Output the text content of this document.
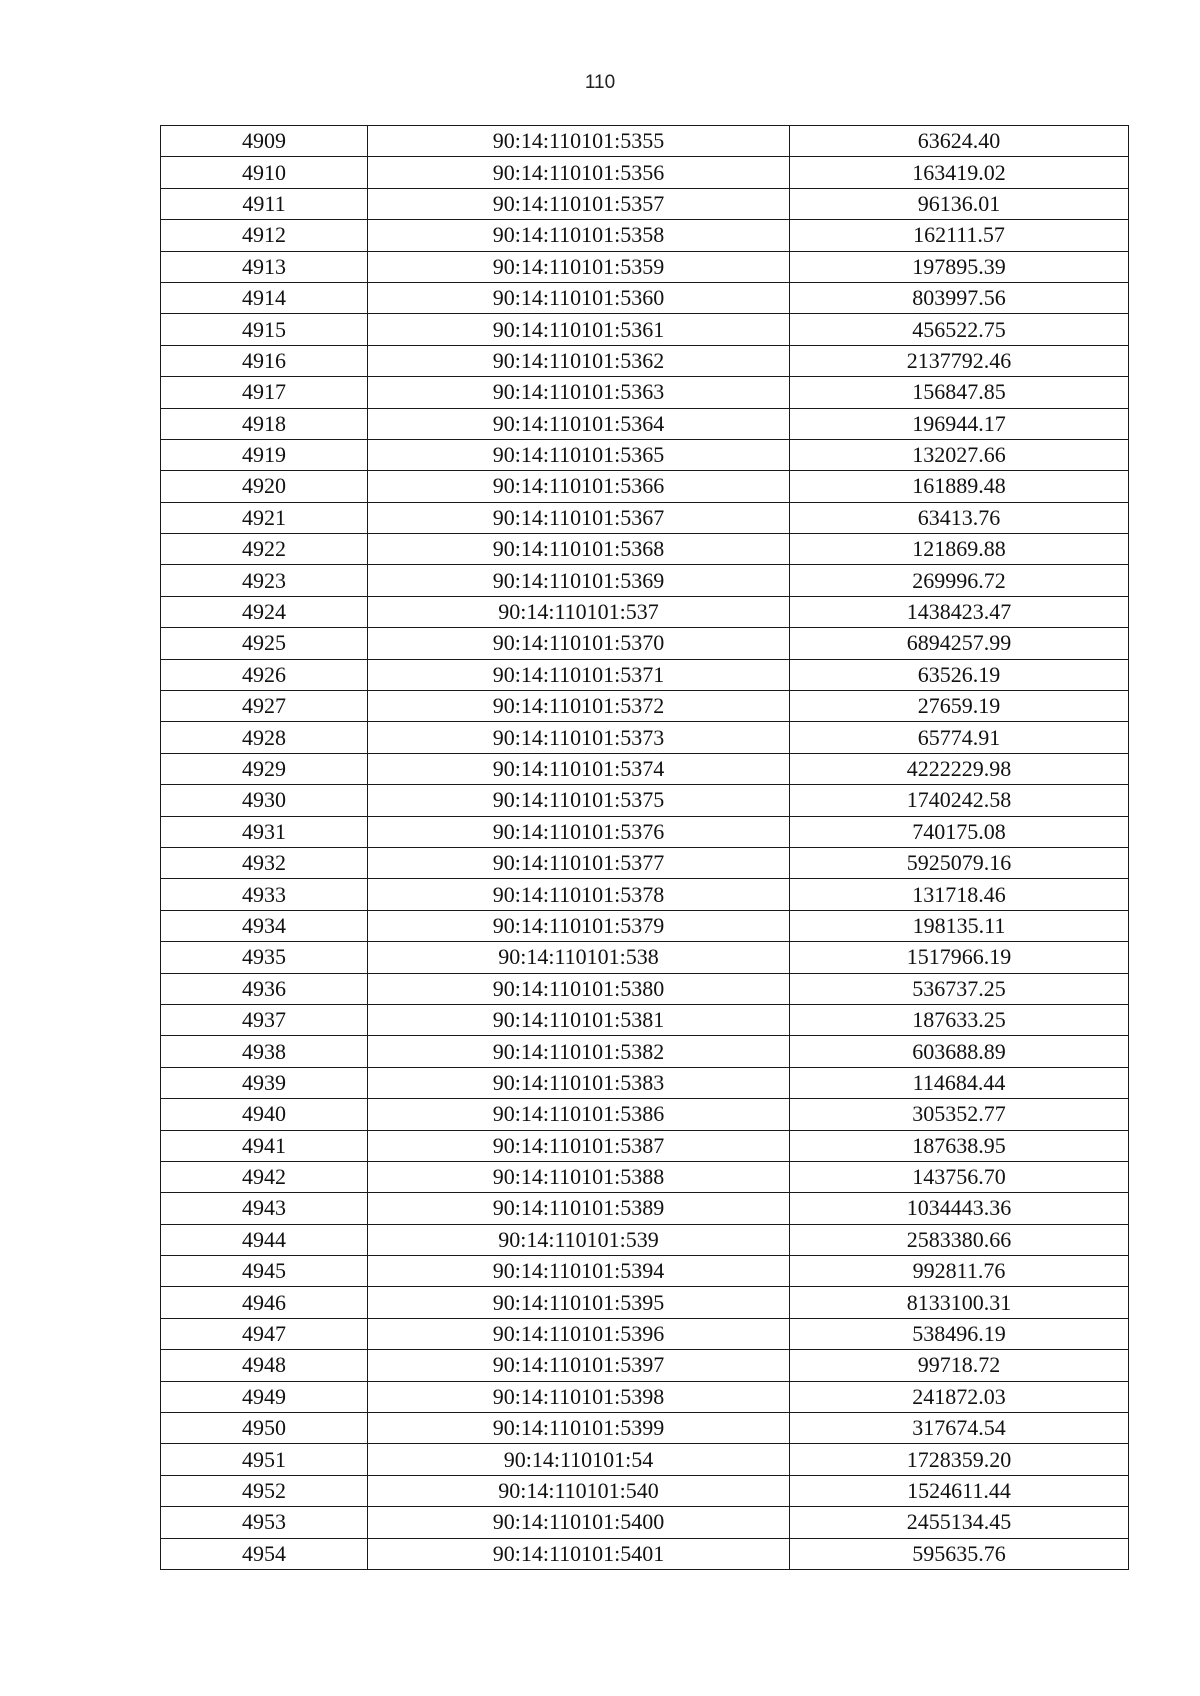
110
4909	90:14:110101:5355	63624.40
4910	90:14:110101:5356	163419.02
4911	90:14:110101:5357	96136.01
4912	90:14:110101:5358	162111.57
4913	90:14:110101:5359	197895.39
4914	90:14:110101:5360	803997.56
4915	90:14:110101:5361	456522.75
4916	90:14:110101:5362	2137792.46
4917	90:14:110101:5363	156847.85
4918	90:14:110101:5364	196944.17
4919	90:14:110101:5365	132027.66
4920	90:14:110101:5366	161889.48
4921	90:14:110101:5367	63413.76
4922	90:14:110101:5368	121869.88
4923	90:14:110101:5369	269996.72
4924	90:14:110101:537	1438423.47
4925	90:14:110101:5370	6894257.99
4926	90:14:110101:5371	63526.19
4927	90:14:110101:5372	27659.19
4928	90:14:110101:5373	65774.91
4929	90:14:110101:5374	4222229.98
4930	90:14:110101:5375	1740242.58
4931	90:14:110101:5376	740175.08
4932	90:14:110101:5377	5925079.16
4933	90:14:110101:5378	131718.46
4934	90:14:110101:5379	198135.11
4935	90:14:110101:538	1517966.19
4936	90:14:110101:5380	536737.25
4937	90:14:110101:5381	187633.25
4938	90:14:110101:5382	603688.89
4939	90:14:110101:5383	114684.44
4940	90:14:110101:5386	305352.77
4941	90:14:110101:5387	187638.95
4942	90:14:110101:5388	143756.70
4943	90:14:110101:5389	1034443.36
4944	90:14:110101:539	2583380.66
4945	90:14:110101:5394	992811.76
4946	90:14:110101:5395	8133100.31
4947	90:14:110101:5396	538496.19
4948	90:14:110101:5397	99718.72
4949	90:14:110101:5398	241872.03
4950	90:14:110101:5399	317674.54
4951	90:14:110101:54	1728359.20
4952	90:14:110101:540	1524611.44
4953	90:14:110101:5400	2455134.45
4954	90:14:110101:5401	595635.76
